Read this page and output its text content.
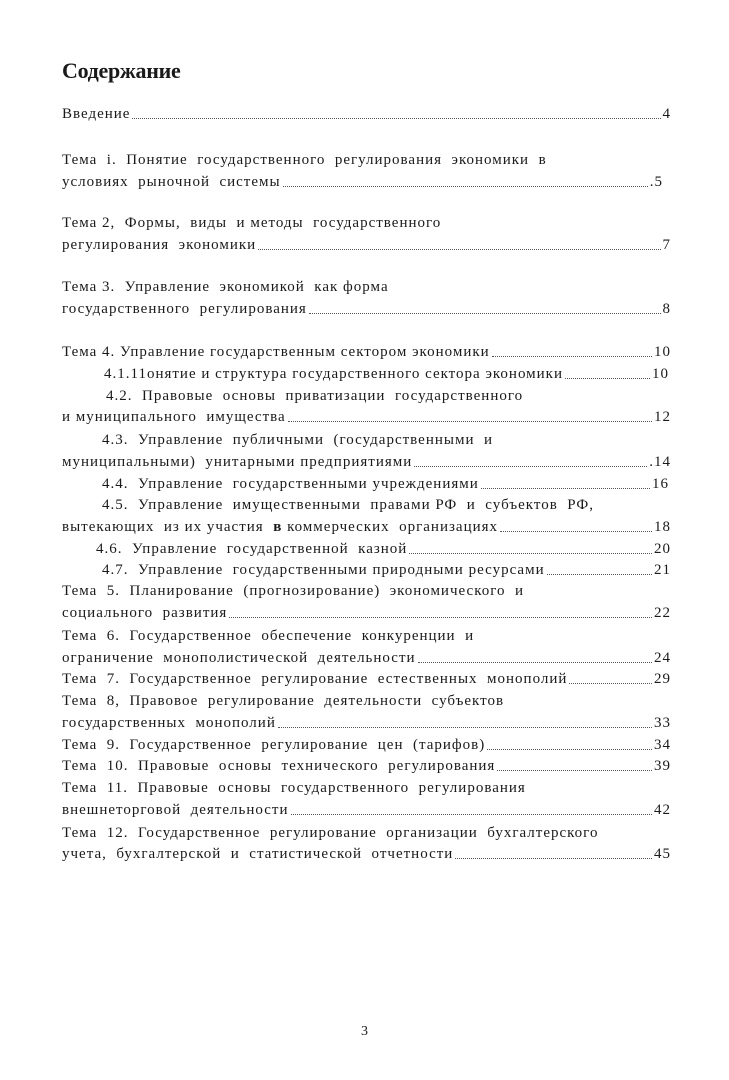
Содержание
Введение	4
Тема  i.  Понятие  государственного  регулирования  экономики  в
условиях  рыночной  системы	.5
Тема 2,  Формы,  виды  и методы  государственного
регулирования  экономики	7
Тема 3.  Управление  экономикой  как форма
государственного  регулирования	8
Тема 4. Управление государственным сектором экономики	10
4.1.11онятие и структура государственного сектора экономики	10
4.2.  Правовые  основы  приватизации  государственного
и муниципального  имущества	12
4.3.  Управление  публичными  (государственными  и
муниципальными)  унитарными предприятиями	.14
4.4.  Управление  государственными учреждениями	16
4.5.  Управление  имущественными  правами РФ  и  субъектов  РФ,
вытекающих  из их участия в коммерческих  организациях	18
4.6.  Управление  государственной  казной	20
4.7.  Управление  государственными природными ресурсами	21
Тема  5.  Планирование  (прогнозирование)  экономического  и
социального  развития	22
Тема  6.  Государственное  обеспечение  конкуренции  и
ограничение  монополистической  деятельности	24
Тема  7.  Государственное  регулирование  естественных  монополий	29
Тема  8,  Правовое  регулирование  деятельности  субъектов
государственных  монополий	33
Тема  9.  Государственное  регулирование  цен  (тарифов)	34
Тема  10.  Правовые  основы  технического  регулирования	39
Тема  11.  Правовые  основы  государственного  регулирования
внешнеторговой  деятельности	42
Тема  12.  Государственное  регулирование  организации  бухгалтерского
учета,  бухгалтерской  и  статистической  отчетности	45
3
